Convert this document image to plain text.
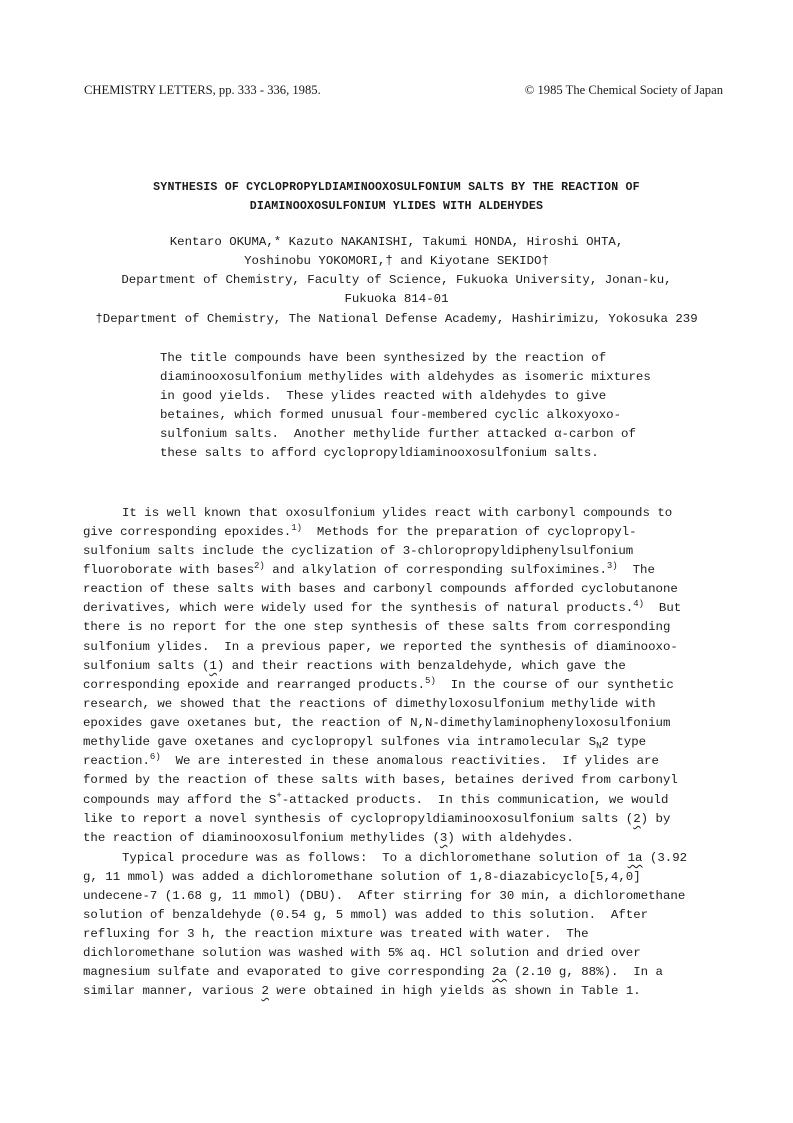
CHEMISTRY LETTERS, pp. 333 - 336, 1985.	© 1985 The Chemical Society of Japan
SYNTHESIS OF CYCLOPROPYLDIAMINOOXOSULFONIUM SALTS BY THE REACTION OF
DIAMINOOXOSULFONIUM YLIDES WITH ALDEHYDES
Kentaro OKUMA,* Kazuto NAKANISHI, Takumi HONDA, Hiroshi OHTA,
Yoshinobu YOKOMORI,† and Kiyotane SEKIDO†
Department of Chemistry, Faculty of Science, Fukuoka University, Jonan-ku,
Fukuoka 814-01
†Department of Chemistry, The National Defense Academy, Hashirimizu, Yokosuka 239
The title compounds have been synthesized by the reaction of
diaminooxosulfonium methylides with aldehydes as isomeric mixtures
in good yields.  These ylides reacted with aldehydes to give
betaines, which formed unusual four-membered cyclic alkoxyoxo-
sulfonium salts.  Another methylide further attacked α-carbon of
these salts to afford cyclopropyldiaminooxosulfonium salts.
It is well known that oxosulfonium ylides react with carbonyl compounds to
give corresponding epoxides.$^{1)}$  Methods for the preparation of cyclopropyl-
sulfonium salts include the cyclization of 3-chloropropyldiphenylsulfonium
fluoroborate with bases$^{2)}$ and alkylation of corresponding sulfoximines.$^{3)}$  The
reaction of these salts with bases and carbonyl compounds afforded cyclobutanone
derivatives, which were widely used for the synthesis of natural products.$^{4)}$  But
there is no report for the one step synthesis of these salts from corresponding
sulfonium ylides.  In a previous paper, we reported the synthesis of diaminooxo-
sulfonium salts (1) and their reactions with benzaldehyde, which gave the
corresponding epoxide and rearranged products.$^{5)}$  In the course of our synthetic
research, we showed that the reactions of dimethyloxosulfonium methylide with
epoxides gave oxetanes but, the reaction of N,N-dimethylaminophenyloxosulfonium
methylide gave oxetanes and cyclopropyl sulfones via intramolecular $S_N2$ type
reaction.$^{6)}$  We are interested in these anomalous reactivities.  If ylides are
formed by the reaction of these salts with bases, betaines derived from carbonyl
compounds may afford the S+-attacked products.  In this communication, we would
like to report a novel synthesis of cyclopropyldiaminooxosulfonium salts (2) by
the reaction of diaminooxosulfonium methylides (3) with aldehydes.
Typical procedure was as follows:  To a dichloromethane solution of 1a (3.92
g, 11 mmol) was added a dichloromethane solution of 1,8-diazabicyclo[5,4,0]
undecene-7 (1.68 g, 11 mmol) (DBU).  After stirring for 30 min, a dichloromethane
solution of benzaldehyde (0.54 g, 5 mmol) was added to this solution.  After
refluxing for 3 h, the reaction mixture was treated with water.  The
dichloromethane solution was washed with 5% aq. HCl solution and dried over
magnesium sulfate and evaporated to give corresponding 2a (2.10 g, 88%).  In a
similar manner, various 2 were obtained in high yields as shown in Table 1.
